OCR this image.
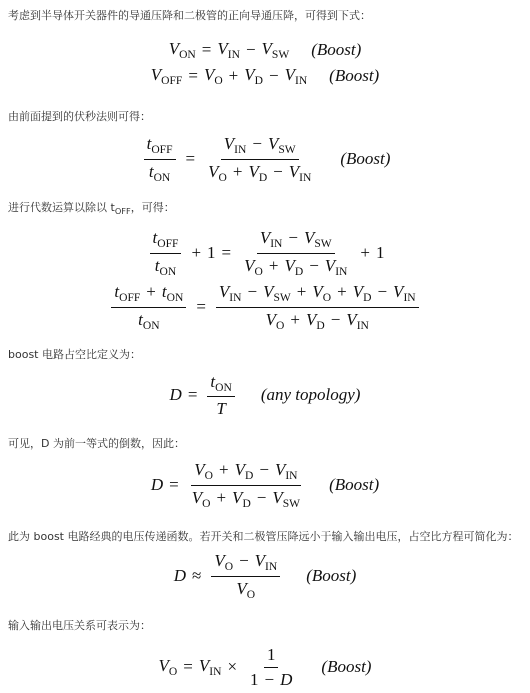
考虑到半导体开关器件的导通压降和二极管的正向导通压降，可得到下式：
$V_{ON} = V_{IN} - V_{SW}$ (Boost)
$V_{OFF} = V_O + V_D - V_{IN}$ (Boost)
由前面提到的伏秒法则可得：
$\frac{t_{OFF}}{t_{ON}} = \frac{V_{IN} - V_{SW}}{V_O + V_D - V_{IN}}$ (Boost)
进行代数运算以除以 $t_{OFF}$，可得：
$\frac{t_{OFF}}{t_{ON}} + 1 = \frac{V_{IN} - V_{SW}}{V_O + V_D - V_{IN}} + 1$
$\frac{t_{OFF} + t_{ON}}{t_{ON}} = \frac{V_{IN} - V_{SW} + V_O + V_D - V_{IN}}{V_O + V_D - V_{IN}}$
boost 电路占空比定义为：
$D = \frac{t_{ON}}{T} (any$ topology)
可见，D 为前一等式的倒数，因此：
$D = \frac{V_O + V_D - V_{IN}}{V_O + V_D - V_{SW}}$ (Boost)
此为 boost 电路经典的电压传递函数。若开关和二极管压降远小于输入输出电压，占空比方程可简化为：
$D \approx \frac{V_O - V_{IN}}{V_O}$ (Boost)
输入输出电压关系可表示为：
$V_O = V_{IN} \times \frac{1}{1 - D}$ (Boost)
